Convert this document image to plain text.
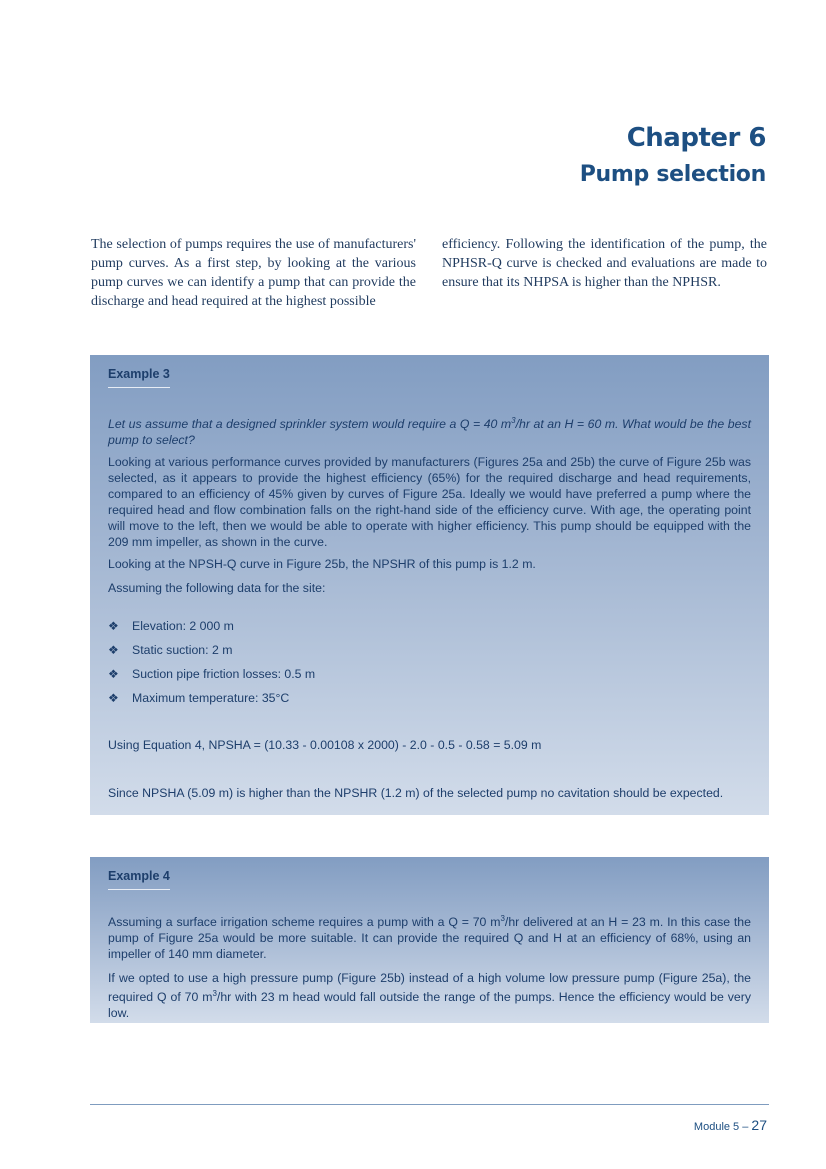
Chapter 6
Pump selection

The selection of pumps requires the use of manufacturers' pump curves. As a first step, by looking at the various pump curves we can identify a pump that can provide the discharge and head required at the highest possible

efficiency. Following the identification of the pump, the NPHSR-Q curve is checked and evaluations are made to ensure that its NHPSA is higher than the NPHSR.

Example 3

Let us assume that a designed sprinkler system would require a Q = 40 $m^3/hr$ at an H = 60 m. What would be the best pump to select?

Looking at various performance curves provided by manufacturers (Figures 25a and 25b) the curve of Figure 25b was selected, as it appears to provide the highest efficiency (65%) for the required discharge and head requirements, compared to an efficiency of 45% given by curves of Figure 25a. Ideally we would have preferred a pump where the required head and flow combination falls on the right-hand side of the efficiency curve. With age, the operating point will move to the left, then we would be able to operate with higher efficiency. This pump should be equipped with the 209 mm impeller, as shown in the curve.

Looking at the NPSH-Q curve in Figure 25b, the NPSHR of this pump is 1.2 m.

Assuming the following data for the site:

❖	Elevation: 2 000 m
❖	Static suction: 2 m
❖	Suction pipe friction losses: 0.5 m
❖	Maximum temperature: 35°C

Using Equation 4, NPSHA = (10.33 - 0.00108 x 2000) - 2.0 - 0.5 - 0.58 = 5.09 m

Since NPSHA (5.09 m) is higher than the NPSHR (1.2 m) of the selected pump no cavitation should be expected.

Example 4

Assuming a surface irrigation scheme requires a pump with a Q = 70 $m^3/hr$ delivered at an H = 23 m. In this case the pump of Figure 25a would be more suitable. It can provide the required Q and H at an efficiency of 68%, using an impeller of 140 mm diameter.

If we opted to use a high pressure pump (Figure 25b) instead of a high volume low pressure pump (Figure 25a), the required Q of 70 $m^3/hr$ with 23 m head would fall outside the range of the pumps. Hence the efficiency would be very low.

Module 5 – 27
